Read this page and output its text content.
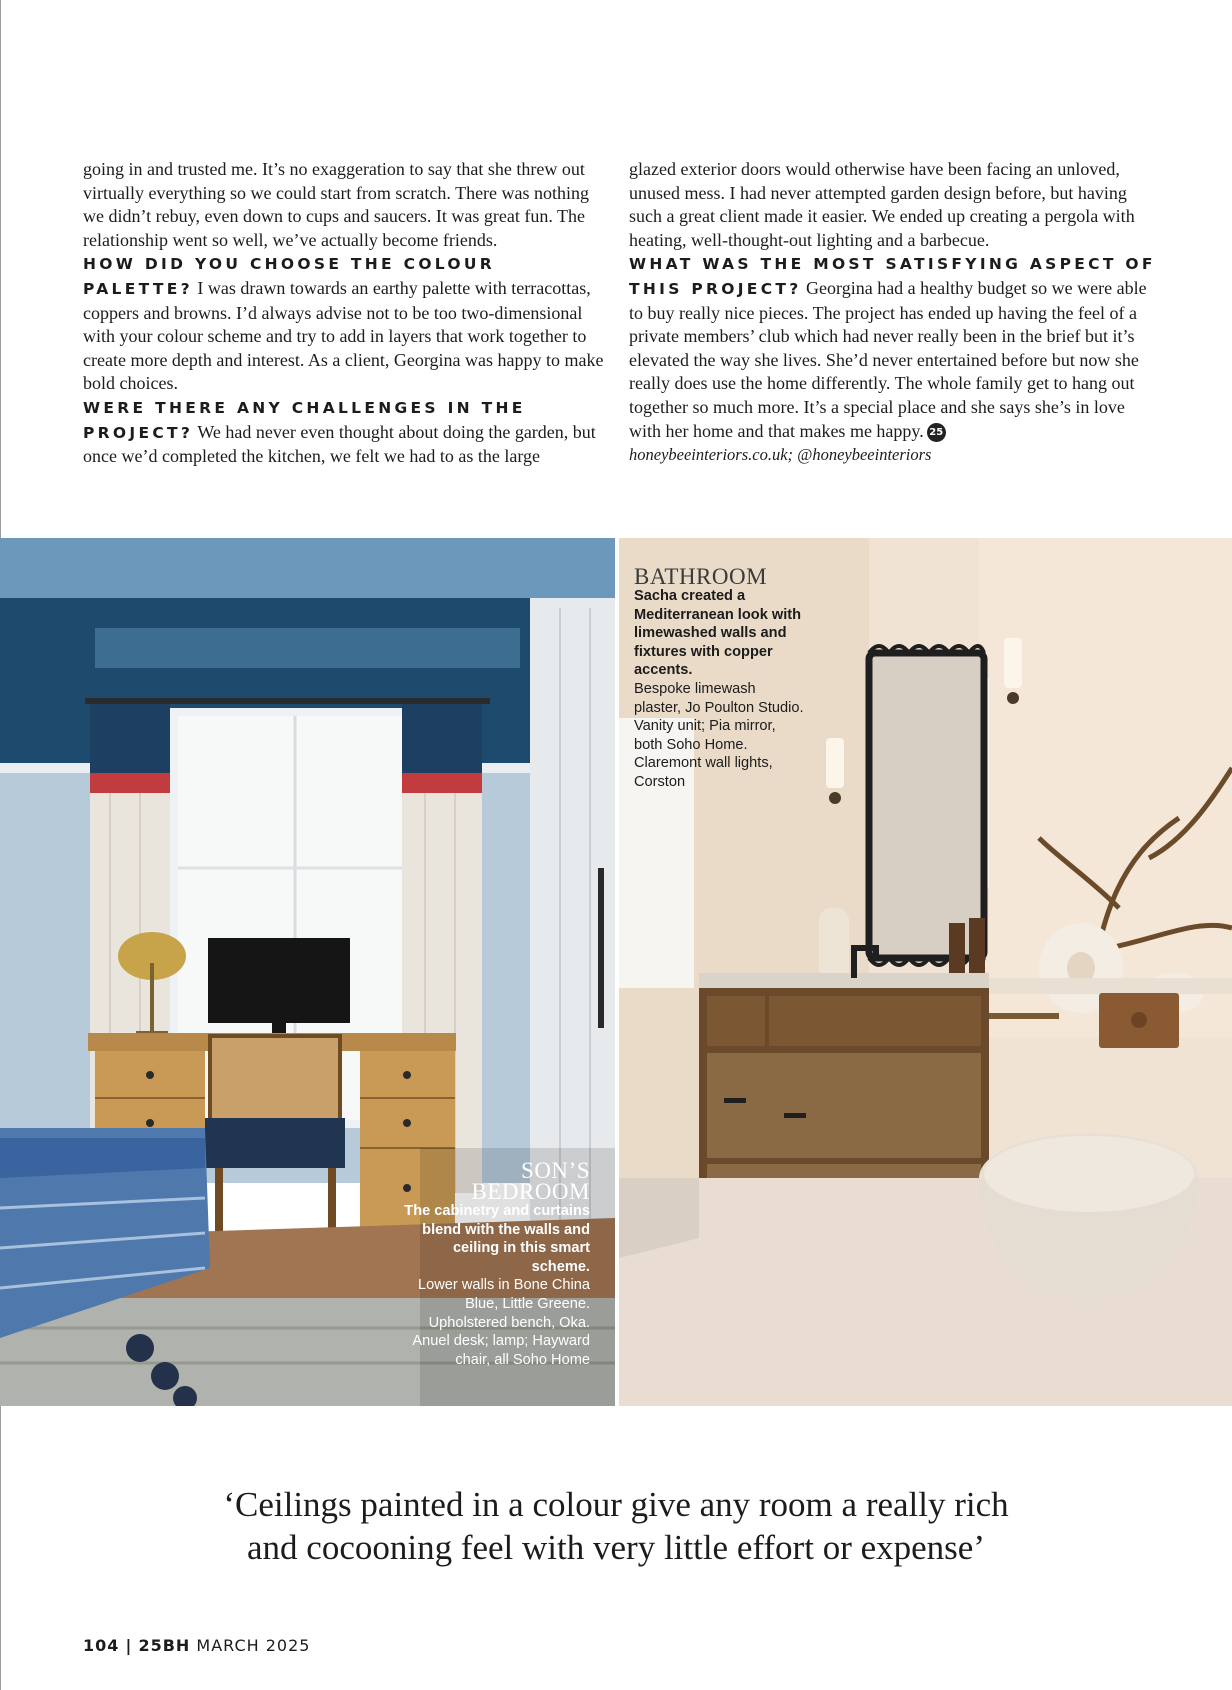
going in and trusted me. It’s no exaggeration to say that she threw out virtually everything so we could start from scratch. There was nothing we didn’t rebuy, even down to cups and saucers. It was great fun. The relationship went so well, we’ve actually become friends.

HOW DID YOU CHOOSE THE COLOUR PALETTE? I was drawn towards an earthy palette with terracottas, coppers and browns. I’d always advise not to be too two-dimensional with your colour scheme and try to add in layers that work together to create more depth and interest. As a client, Georgina was happy to make bold choices.

WERE THERE ANY CHALLENGES IN THE PROJECT? We had never even thought about doing the garden, but once we’d completed the kitchen, we felt we had to as the large

glazed exterior doors would otherwise have been facing an unloved, unused mess. I had never attempted garden design before, but having such a great client made it easier. We ended up creating a pergola with heating, well-thought-out lighting and a barbecue.

WHAT WAS THE MOST SATISFYING ASPECT OF THIS PROJECT? Georgina had a healthy budget so we were able to buy really nice pieces. The project has ended up having the feel of a private members’ club which had never really been in the brief but it’s elevated the way she lives. She’d never entertained before but now she really does use the home differently. The whole family get to hang out together so much more. It’s a special place and she says she’s in love with her home and that makes me happy. 25

honeybeeinteriors.co.uk; @honeybeeinteriors

SON’S BEDROOM
The cabinetry and curtains blend with the walls and ceiling in this smart scheme.
Lower walls in Bone China Blue, Little Greene. Upholstered bench, Oka. Anuel desk; lamp; Hayward chair, all Soho Home
BATHROOM
Sacha created a Mediterranean look with limewashed walls and fixtures with copper accents.
Bespoke limewash plaster, Jo Poulton Studio. Vanity unit; Pia mirror, both Soho Home. Claremont wall lights, Corston

‘Ceilings painted in a colour give any room a really rich

and cocooning feel with very little effort or expense’

104 | 25BH MARCH 2025
